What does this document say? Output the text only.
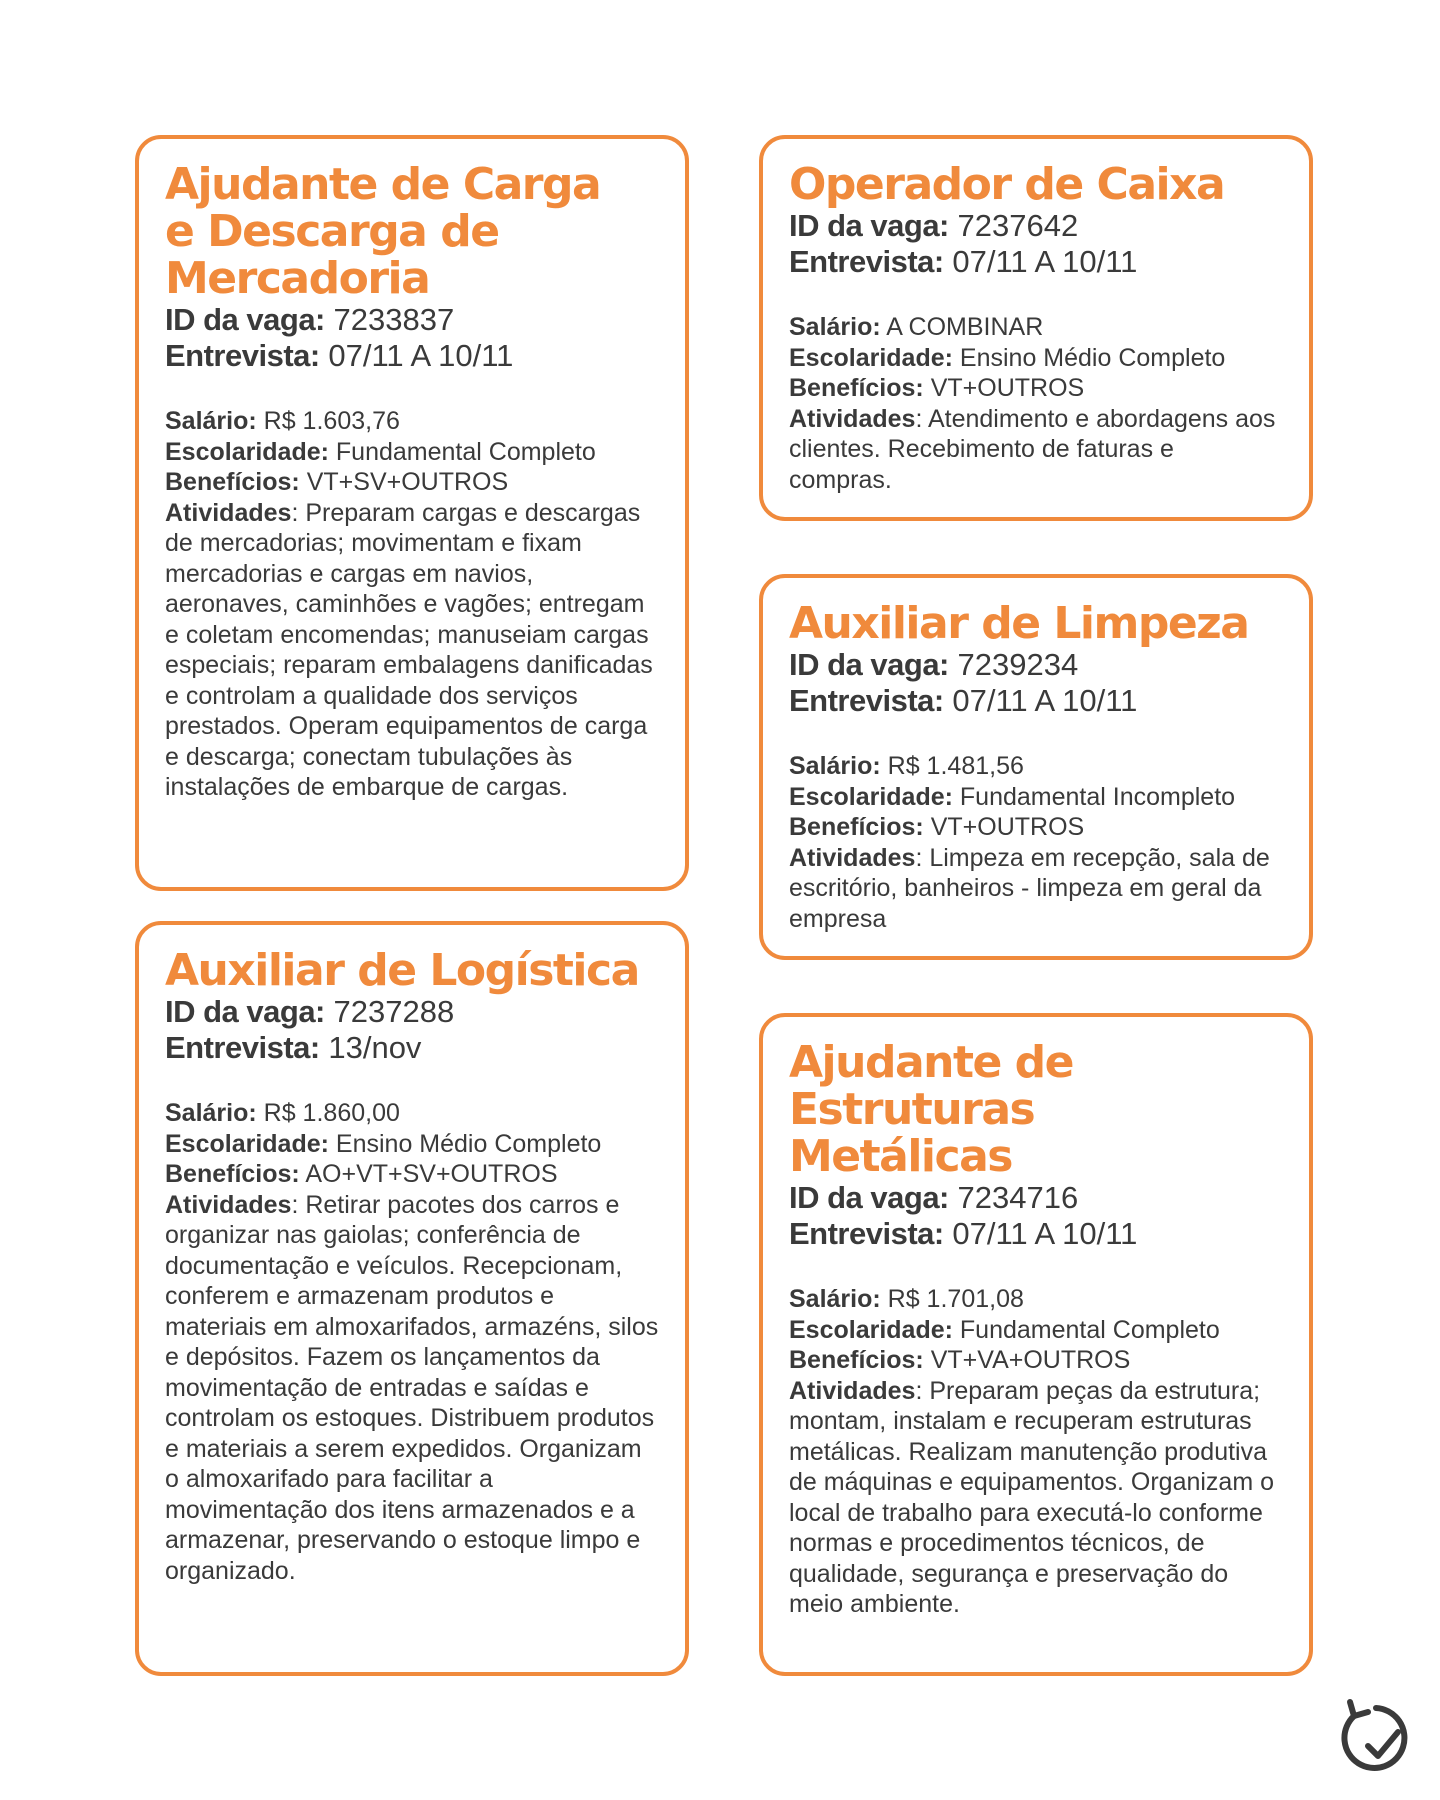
Ajudante de Carga e Descarga de Mercadoria
ID da vaga: 7233837
Entrevista: 07/11 A 10/11
Salário: R$ 1.603,76
Escolaridade: Fundamental Completo
Benefícios: VT+SV+OUTROS
Atividades: Preparam cargas e descargas de mercadorias; movimentam e fixam mercadorias e cargas em navios, aeronaves, caminhões e vagões; entregam e coletam encomendas; manuseiam cargas especiais; reparam embalagens danificadas e controlam a qualidade dos serviços prestados. Operam equipamentos de carga e descarga; conectam tubulações às instalações de embarque de cargas.
Operador de Caixa
ID da vaga: 7237642
Entrevista: 07/11 A 10/11
Salário: A COMBINAR
Escolaridade: Ensino Médio Completo
Benefícios: VT+OUTROS
Atividades: Atendimento e abordagens aos clientes. Recebimento de faturas e compras.
Auxiliar de Limpeza
ID da vaga: 7239234
Entrevista: 07/11 A 10/11
Salário: R$ 1.481,56
Escolaridade: Fundamental Incompleto
Benefícios: VT+OUTROS
Atividades: Limpeza em recepção, sala de escritório, banheiros - limpeza em geral da empresa
Auxiliar de Logística
ID da vaga: 7237288
Entrevista: 13/nov
Salário: R$ 1.860,00
Escolaridade: Ensino Médio Completo
Benefícios: AO+VT+SV+OUTROS
Atividades: Retirar pacotes dos carros e organizar nas gaiolas; conferência de documentação e veículos. Recepcionam, conferem e armazenam produtos e materiais em almoxarifados, armazéns, silos e depósitos. Fazem os lançamentos da movimentação de entradas e saídas e controlam os estoques. Distribuem produtos e materiais a serem expedidos. Organizam o almoxarifado para facilitar a movimentação dos itens armazenados e a armazenar, preservando o estoque limpo e organizado.
Ajudante de Estruturas Metálicas
ID da vaga: 7234716
Entrevista: 07/11 A 10/11
Salário: R$ 1.701,08
Escolaridade: Fundamental Completo
Benefícios: VT+VA+OUTROS
Atividades: Preparam peças da estrutura; montam, instalam e recuperam estruturas metálicas. Realizam manutenção produtiva de máquinas e equipamentos. Organizam o local de trabalho para executá-lo conforme normas e procedimentos técnicos, de qualidade, segurança e preservação do meio ambiente.
